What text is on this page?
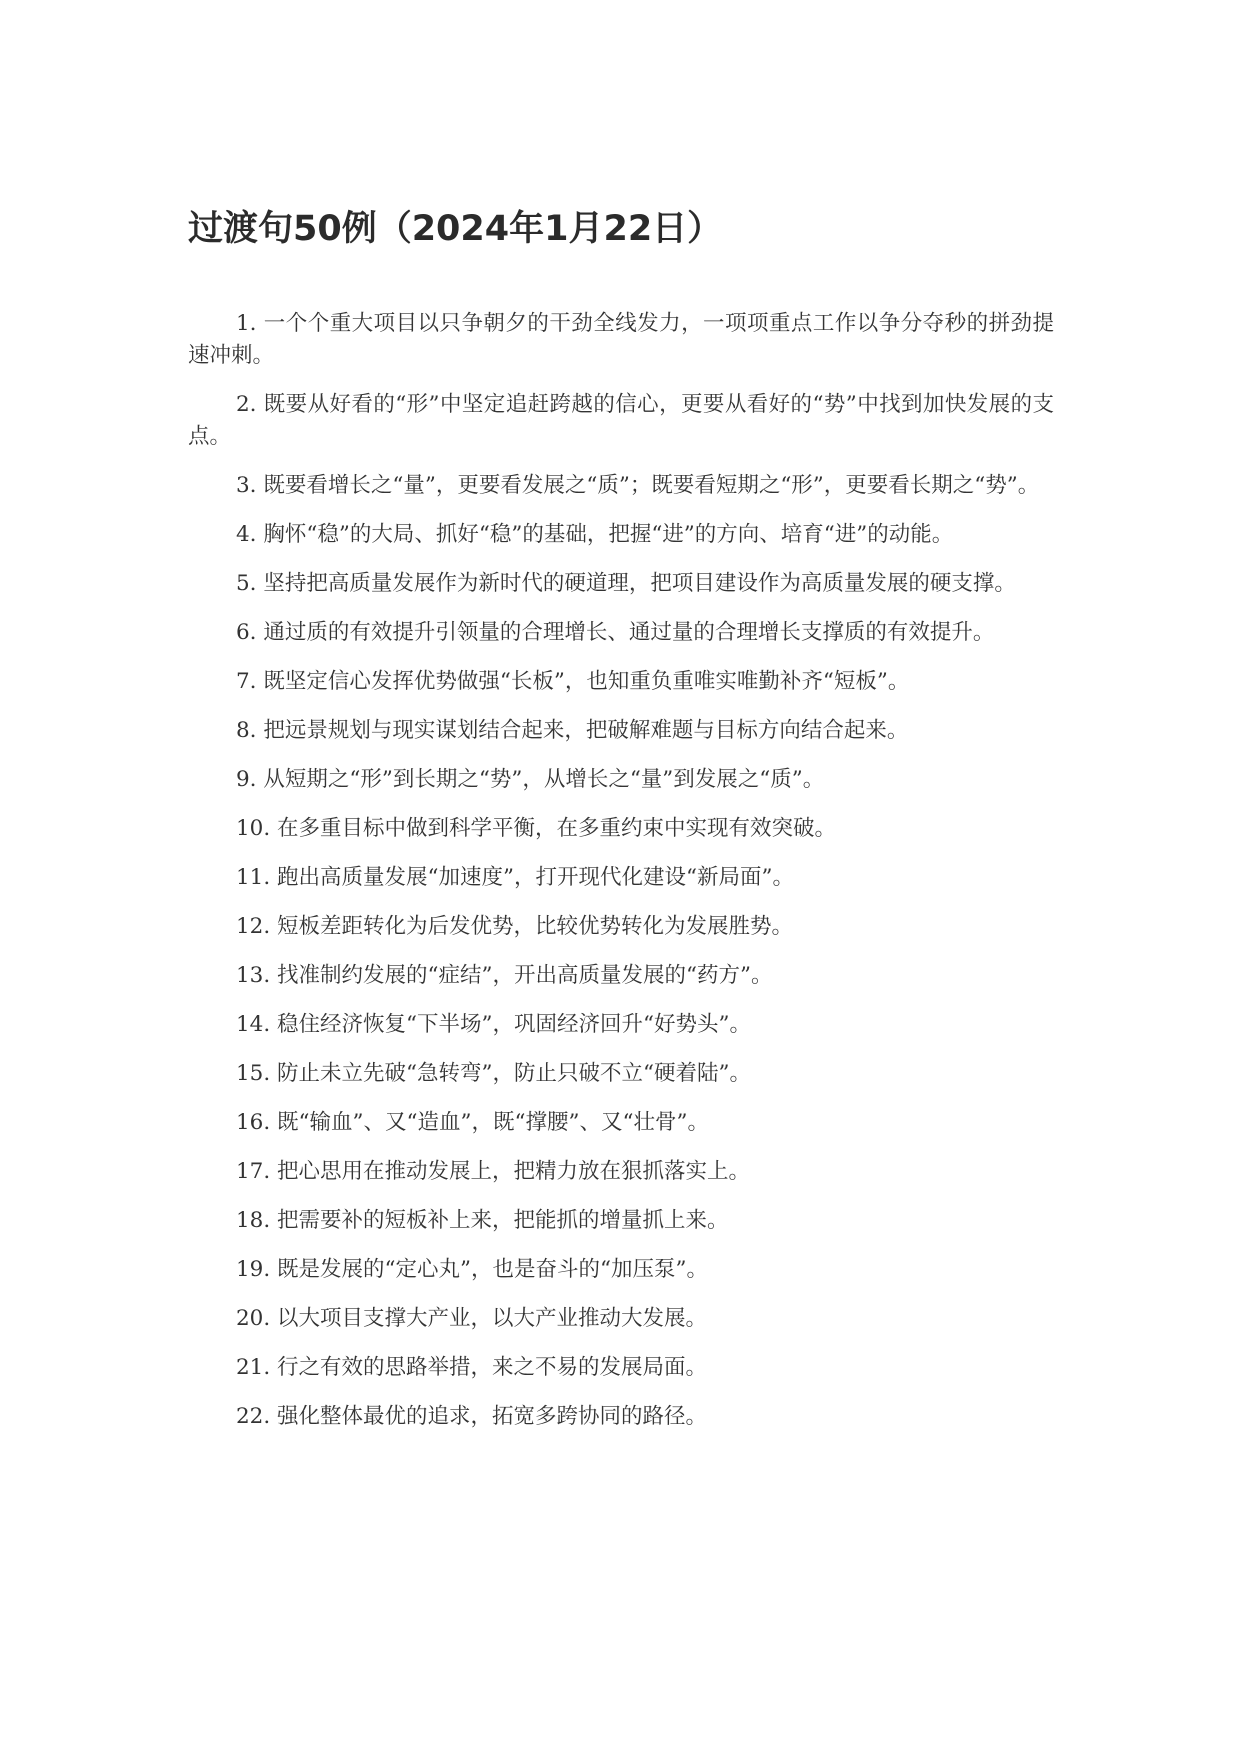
过渡句50例（2024年1月22日）
1. 一个个重大项目以只争朝夕的干劲全线发力，一项项重点工作以争分夺秒的拼劲提速冲刺。
2. 既要从好看的“形”中坚定追赶跨越的信心，更要从看好的“势”中找到加快发展的支点。
3. 既要看增长之“量”，更要看发展之“质”；既要看短期之“形”，更要看长期之“势”。
4. 胸怀“稳”的大局、抓好“稳”的基础，把握“进”的方向、培育“进”的动能。
5. 坚持把高质量发展作为新时代的硬道理，把项目建设作为高质量发展的硬支撑。
6. 通过质的有效提升引领量的合理增长、通过量的合理增长支撑质的有效提升。
7. 既坚定信心发挥优势做强“长板”，也知重负重唯实唯勤补齐“短板”。
8. 把远景规划与现实谋划结合起来，把破解难题与目标方向结合起来。
9. 从短期之“形”到长期之“势”，从增长之“量”到发展之“质”。
10. 在多重目标中做到科学平衡，在多重约束中实现有效突破。
11. 跑出高质量发展“加速度”，打开现代化建设“新局面”。
12. 短板差距转化为后发优势，比较优势转化为发展胜势。
13. 找准制约发展的“症结”，开出高质量发展的“药方”。
14. 稳住经济恢复“下半场”，巩固经济回升“好势头”。
15. 防止未立先破“急转弯”，防止只破不立“硬着陆”。
16. 既“输血”、又“造血”，既“撑腰”、又“壮骨”。
17. 把心思用在推动发展上，把精力放在狠抓落实上。
18. 把需要补的短板补上来，把能抓的增量抓上来。
19. 既是发展的“定心丸”，也是奋斗的“加压泵”。
20. 以大项目支撑大产业，以大产业推动大发展。
21. 行之有效的思路举措，来之不易的发展局面。
22. 强化整体最优的追求，拓宽多跨协同的路径。
